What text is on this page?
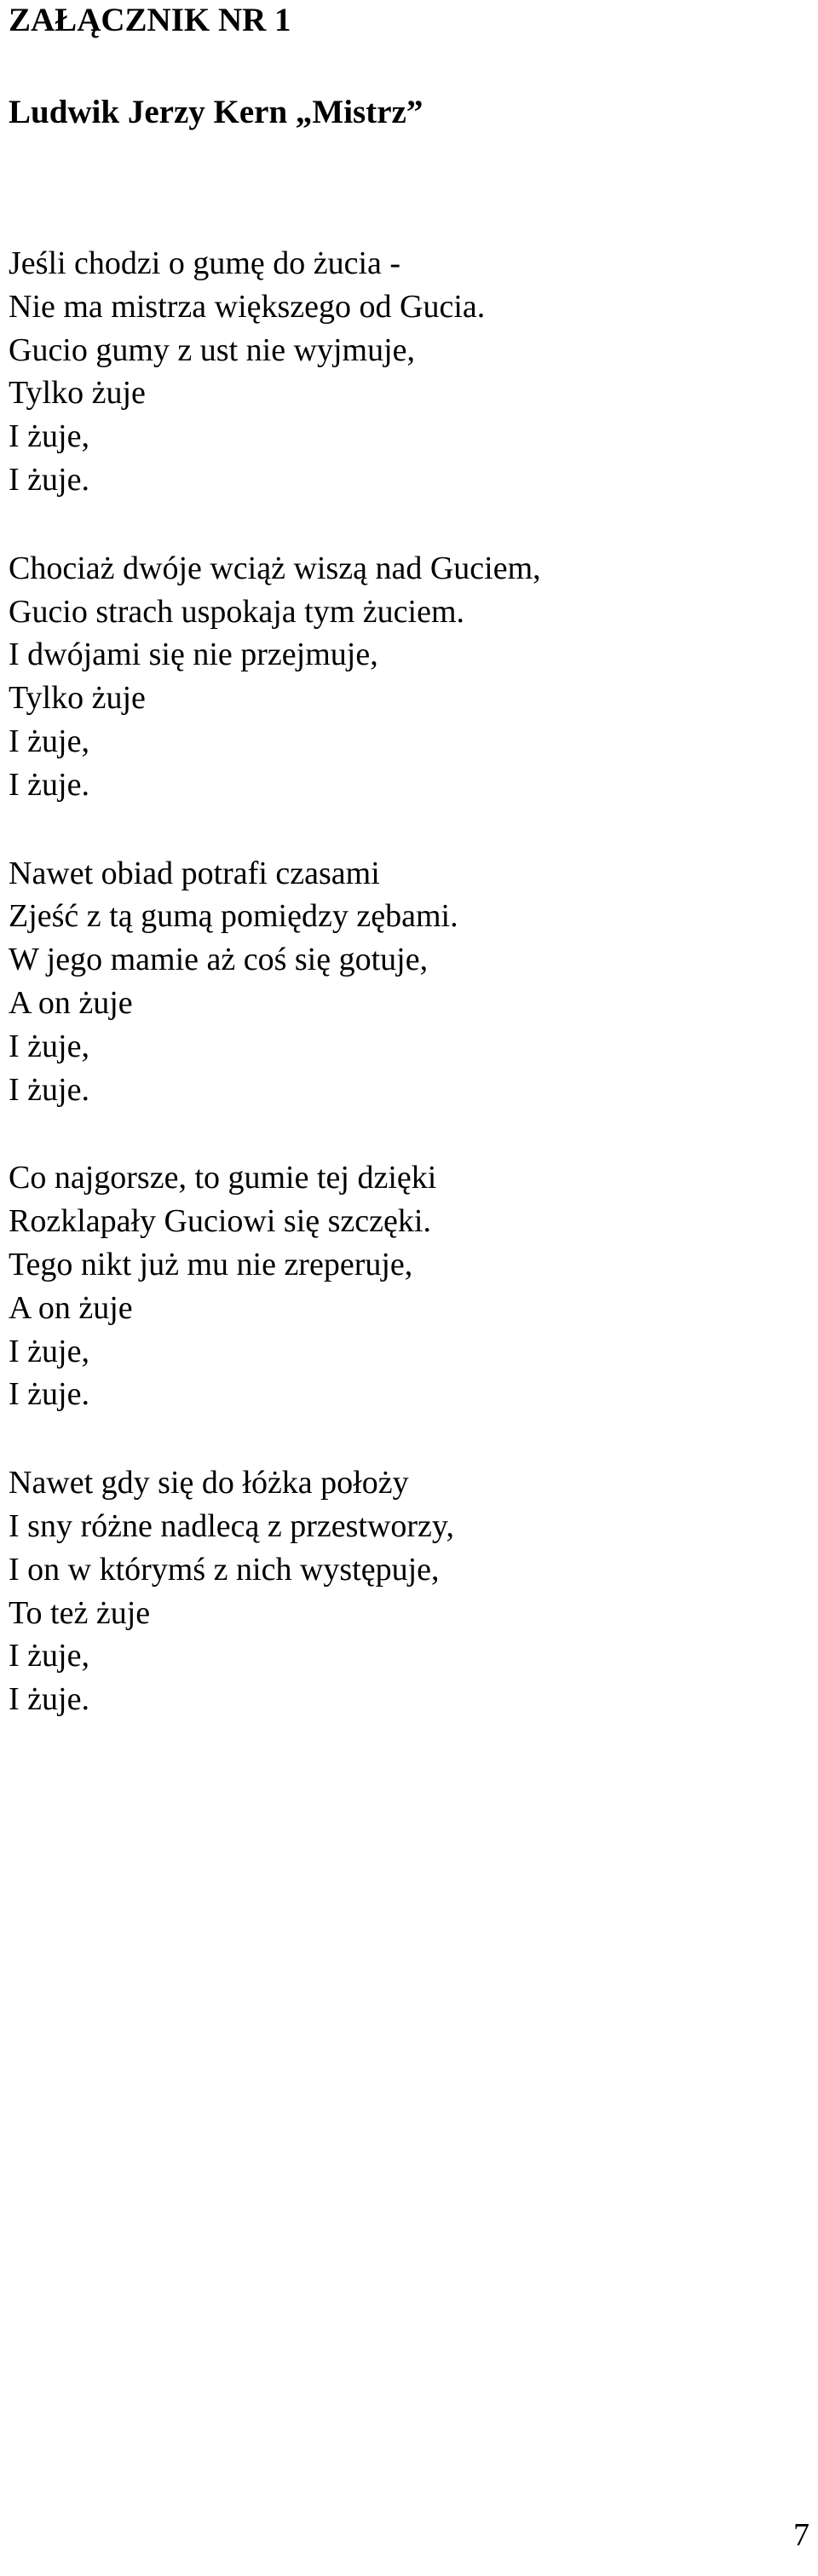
ZAŁĄCZNIK NR 1
Ludwik Jerzy Kern „Mistrz”
Jeśli chodzi o gumę do żucia -
Nie ma mistrza większego od Gucia.
Gucio gumy z ust nie wyjmuje,
Tylko żuje
I żuje,
I żuje.
Chociaż dwóje wciąż wiszą nad Guciem,
Gucio strach uspokaja tym żuciem.
I dwójami się nie przejmuje,
Tylko żuje
I żuje,
I żuje.
Nawet obiad potrafi czasami
Zjeść z tą gumą pomiędzy zębami.
W jego mamie aż coś się gotuje,
A on żuje
I żuje,
I żuje.
Co najgorsze, to gumie tej dzięki
Rozklapały Guciowi się szczęki.
Tego nikt już mu nie zreperuje,
A on żuje
I żuje,
I żuje.
Nawet gdy się do łóżka położy
I sny różne nadlecą z przestworzy,
I on w którymś z nich występuje,
To też żuje
I żuje,
I żuje.
7
